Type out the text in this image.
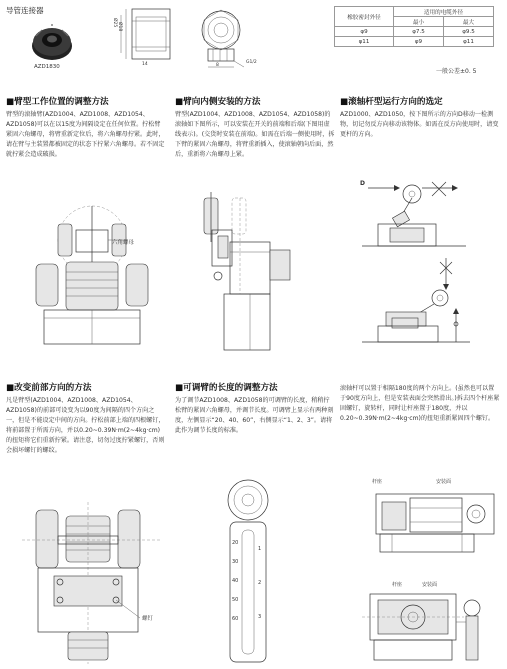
导管连接器
AZD1830
Ø25 Ø18
14	8
G1/2
橡胶密封外径	适用的电缆外径	
	最小	最大
φ9	φ7.5	φ9.5
φ11	φ9	φ11
一般公差±0. 5
■臂型工作位置的调整方法
臂型的滚轴臂(AZD1004、AZD1008、AZD1054、AZD1058)可以在以15度为间隔设定在任何位置。拧松臂紧固六角螺母，将臂重新定位后，将六角螺母拧紧。此时，请在臂与主装置都被固定的状态下拧紧六角螺母。若不固定就拧紧会造成破损。
■臂向内侧安装的方法
臂型(AZD1004、AZD1008、AZD1054、AZD1058)的滚轴如下图所示，可以安装在开关的前端和后端(下图用虚线表示)。(交货时安装在前端)。如需在后端一侧使用时，拆下臂的紧固六角螺母，将臂重新插入，使滚轴朝向后面，然后，重新将六角螺母上紧。
■滚轴杆型运行方向的选定
AZD1000、AZD1050，按下图所示的方向D移动一检测物，切记勿反方向移动该物体。如需在反方向使用时，请变更杆的方向。
六角螺母
D
■改变前部方向的方法
凡是臂型(AZD1004、AZD1008、AZD1054、AZD1058)的前部可设变为以90度为间隔的四个方向之一，但是不能设定中间的方向。拧松前部上端的四根螺钉，将前部置于所需方向，并以0.20~0.39N·m(2~4kg·cm)的扭矩将它们重新拧紧。请注意，切勿过度拧紧螺钉，否则会损坏螺钉的螺纹。
■可调臂的长度的调整方法
为了调节AZD1008、AZD1058的可调臂的长度，稍稍拧松臂的紧固六角螺母，并调节长度。可调臂上显示有两种刻度，左侧显示“20、40、60”，右侧显示“1、2、3”。请将此作为调节长度的标准。
滚轴杆可以置于相隔180度的两个方向上。(虽然也可以置于90度方向上，但是安装表面会突然滑出。)拆去四个杆座紧固螺钉，旋转杆，同时让杆座置于180度，并以0.20~0.39N·m(2~4kg·cm)的扭矩重新紧固四个螺钉。
螺钉
20
30
40
50
60
1
2
3
杆座	安装面
杆座	安装面
